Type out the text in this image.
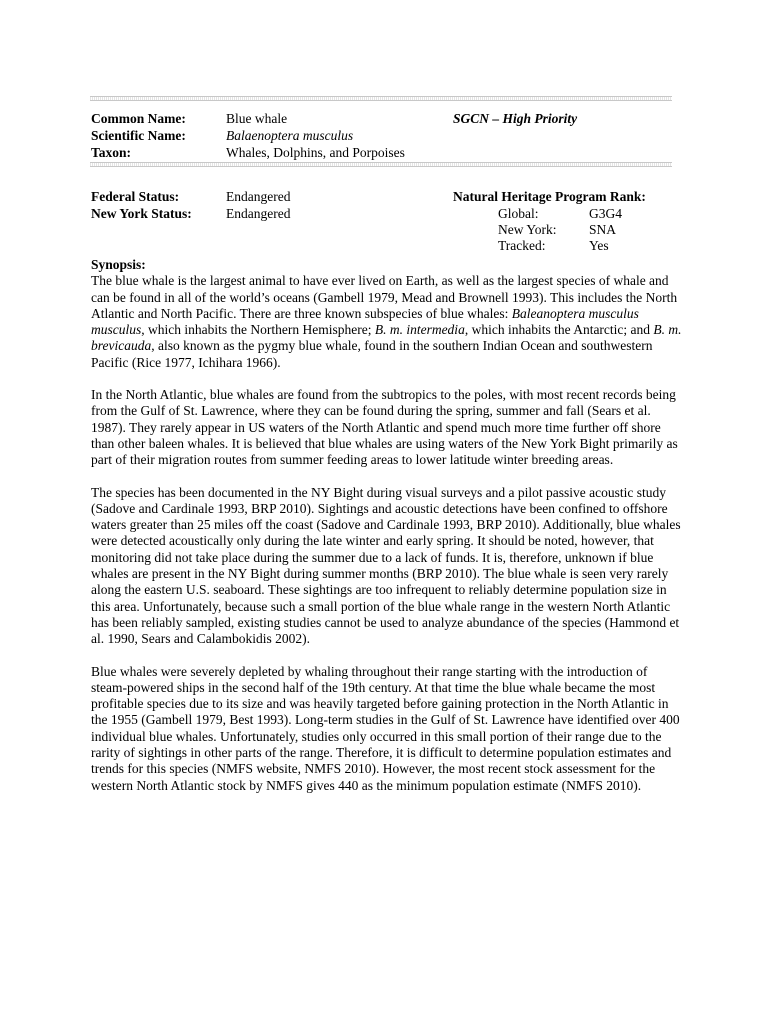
Common Name:	Blue whale	SGCN – High Priority
Scientific Name:	Balaenoptera musculus
Taxon:	Whales, Dolphins, and Porpoises
Federal Status:	Endangered	Natural Heritage Program Rank:
New York Status:	Endangered	Global:	G3G4
New York: SNA
Tracked:	Yes

Synopsis:

The blue whale is the largest animal to have ever lived on Earth, as well as the largest species of whale and can be found in all of the world’s oceans (Gambell 1979, Mead and Brownell 1993). This includes the North Atlantic and North Pacific. There are three known subspecies of blue whales: Baleanoptera musculus musculus, which inhabits the Northern Hemisphere; B. m. intermedia, which inhabits the Antarctic; and B. m. brevicauda, also known as the pygmy blue whale, found in the southern Indian Ocean and southwestern Pacific (Rice 1977, Ichihara 1966).

In the North Atlantic, blue whales are found from the subtropics to the poles, with most recent records being from the Gulf of St. Lawrence, where they can be found during the spring, summer and fall (Sears et al. 1987). They rarely appear in US waters of the North Atlantic and spend much more time further off shore than other baleen whales. It is believed that blue whales are using waters of the New York Bight primarily as part of their migration routes from summer feeding areas to lower latitude winter breeding areas.

The species has been documented in the NY Bight during visual surveys and a pilot passive acoustic study (Sadove and Cardinale 1993, BRP 2010). Sightings and acoustic detections have been confined to offshore waters greater than 25 miles off the coast (Sadove and Cardinale 1993, BRP 2010). Additionally, blue whales were detected acoustically only during the late winter and early spring. It should be noted, however, that monitoring did not take place during the summer due to a lack of funds. It is, therefore, unknown if blue whales are present in the NY Bight during summer months (BRP 2010). The blue whale is seen very rarely along the eastern U.S. seaboard. These sightings are too infrequent to reliably determine population size in this area. Unfortunately, because such a small portion of the blue whale range in the western North Atlantic has been reliably sampled, existing studies cannot be used to analyze abundance of the species (Hammond et al. 1990, Sears and Calambokidis 2002).

Blue whales were severely depleted by whaling throughout their range starting with the introduction of steam-powered ships in the second half of the 19th century. At that time the blue whale became the most profitable species due to its size and was heavily targeted before gaining protection in the North Atlantic in the 1955 (Gambell 1979, Best 1993). Long-term studies in the Gulf of St. Lawrence have identified over 400 individual blue whales. Unfortunately, studies only occurred in this small portion of their range due to the rarity of sightings in other parts of the range. Therefore, it is difficult to determine population estimates and trends for this species (NMFS website, NMFS 2010). However, the most recent stock assessment for the western North Atlantic stock by NMFS gives 440 as the minimum population estimate (NMFS 2010).
